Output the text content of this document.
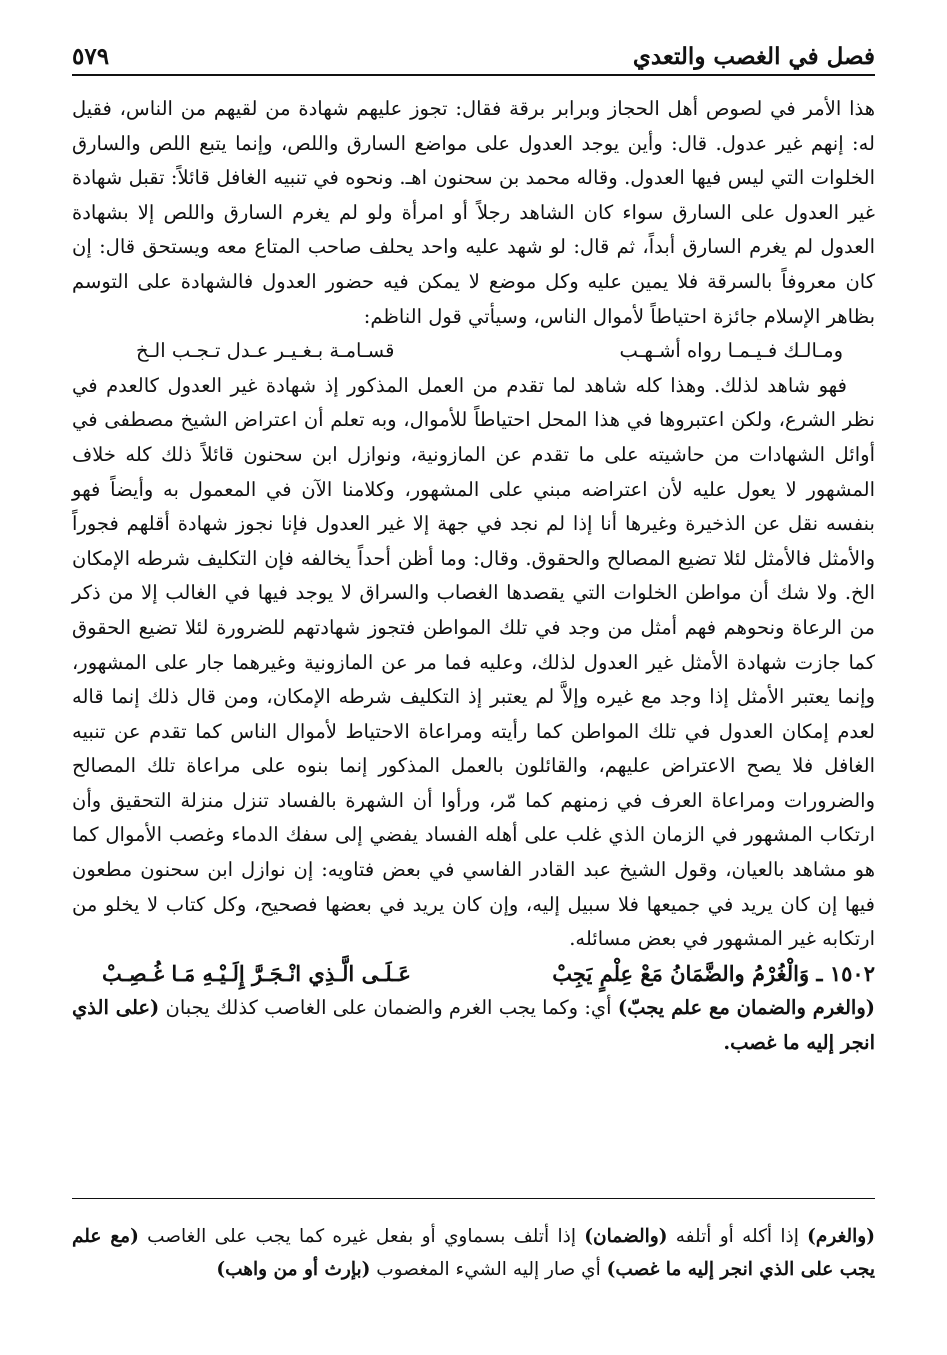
فصل في الغصب والتعدي
٥٧٩

هذا الأمر في لصوص أهل الحجاز وبرابر برقة فقال: تجوز عليهم شهادة من لقيهم من الناس، فقيل له: إنهم غير عدول. قال: وأين يوجد العدول على مواضع السارق واللص، وإنما يتبع اللص والسارق الخلوات التي ليس فيها العدول. وقاله محمد بن سحنون اهـ. ونحوه في تنبيه الغافل قائلاً: تقبل شهادة غير العدول على السارق سواء كان الشاهد رجلاً أو امرأة ولو لم يغرم السارق واللص إلا بشهادة العدول لم يغرم السارق أبداً، ثم قال: لو شهد عليه واحد يحلف صاحب المتاع معه ويستحق قال: إن كان معروفاً بالسرقة فلا يمين عليه وكل موضع لا يمكن فيه حضور العدول فالشهادة على التوسم بظاهر الإسلام جائزة احتياطاً لأموال الناس، وسيأتي قول الناظم:

ومـالـك فـيـمـا رواه أشـهـب
قسـامـة بـغـيـر عـدل تـجـب الـخ

فهو شاهد لذلك. وهذا كله شاهد لما تقدم من العمل المذكور إذ شهادة غير العدول كالعدم في نظر الشرع، ولكن اعتبروها في هذا المحل احتياطاً للأموال، وبه تعلم أن اعتراض الشيخ مصطفى في أوائل الشهادات من حاشيته على ما تقدم عن المازونية، ونوازل ابن سحنون قائلاً ذلك كله خلاف المشهور لا يعول عليه لأن اعتراضه مبني على المشهور، وكلامنا الآن في المعمول به وأيضاً فهو بنفسه نقل عن الذخيرة وغيرها أنا إذا لم نجد في جهة إلا غير العدول فإنا نجوز شهادة أقلهم فجوراً والأمثل فالأمثل لئلا تضيع المصالح والحقوق. وقال: وما أظن أحداً يخالفه فإن التكليف شرطه الإمكان الخ. ولا شك أن مواطن الخلوات التي يقصدها الغصاب والسراق لا يوجد فيها في الغالب إلا من ذكر من الرعاة ونحوهم فهم أمثل من وجد في تلك المواطن فتجوز شهادتهم للضرورة لئلا تضيع الحقوق كما جازت شهادة الأمثل غير العدول لذلك، وعليه فما مر عن المازونية وغيرهما جار على المشهور، وإنما يعتبر الأمثل إذا وجد مع غيره وإلاَّ لم يعتبر إذ التكليف شرطه الإمكان، ومن قال ذلك إنما قاله لعدم إمكان العدول في تلك المواطن كما رأيته ومراعاة الاحتياط لأموال الناس كما تقدم عن تنبيه الغافل فلا يصح الاعتراض عليهم، والقائلون بالعمل المذكور إنما بنوه على مراعاة تلك المصالح والضرورات ومراعاة العرف في زمنهم كما مّر، ورأوا أن الشهرة بالفساد تنزل منزلة التحقيق وأن ارتكاب المشهور في الزمان الذي غلب على أهله الفساد يفضي إلى سفك الدماء وغصب الأموال كما هو مشاهد بالعيان، وقول الشيخ عبد القادر الفاسي في بعض فتاويه: إن نوازل ابن سحنون مطعون فيها إن كان يريد في جميعها فلا سبيل إليه، وإن كان يريد في بعضها فصحيح، وكل كتاب لا يخلو من ارتكابه غير المشهور في بعض مسائله.

١٥٠٢ ـ وَالْغُرْمُ والضَّمَانُ مَعْ عِلْمٍ يَجِبْ
عَـلَـى الَّـذِي انْـجَـرَّ إِلَـيْـهِ مَـا غُـصِـبْ

(والغرم والضمان مع علم يجبّ) أي: وكما يجب الغرم والضمان على الغاصب كذلك يجبان (على الذي انجر إليه ما غصب.

(والغرم) إذا أكله أو أتلفه (والضمان) إذا أتلف بسماوي أو بفعل غيره كما يجب على الغاصب (مع علم يجب على الذي انجر إليه ما غصب) أي صار إليه الشيء المغصوب (بإرث أو من واهب)
